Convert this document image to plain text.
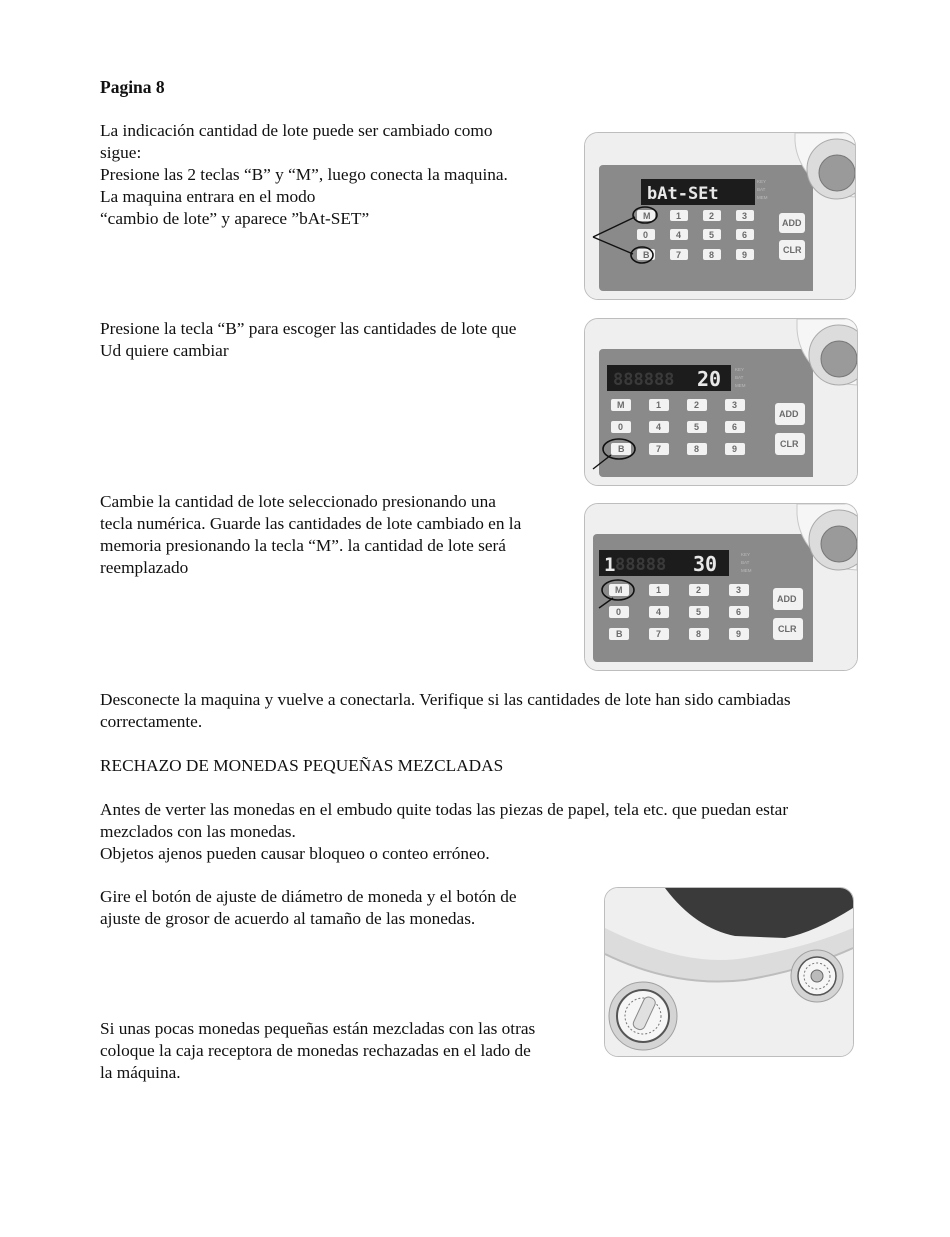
Pagina 8
La indicación cantidad de lote puede ser cambiado como
sigue:
Presione las 2 teclas “B” y “M”, luego conecta la maquina.
La maquina entrara en el modo
“cambio de lote” y aparece ”bAt-SET”
bAt-SEt
KEY
BAT
MEM
M	1	2	3
0	4	5	6
B	7	8	9
ADD
CLR
Presione la tecla “B” para escoger las cantidades de lote que
Ud quiere cambiar
888888 20	KEY
BAT
MEM
M	1	2	3
0	4	5	6
B	7	8	9
ADD
CLR
Cambie la cantidad de lote seleccionado presionando una
tecla numérica. Guarde las cantidades de lote cambiado en la
memoria presionando la tecla “M”. la cantidad de lote será
reemplazado	88888
1	30	KEY
BAT
MEM
M	1	2	3
0	4	5	6
B	7	8	9
ADD
CLR
Desconecte la maquina y vuelve a conectarla. Verifique si las cantidades de lote han sido cambiadas
correctamente.
RECHAZO DE MONEDAS PEQUEÑAS MEZCLADAS
Antes de verter las monedas en el embudo quite todas las piezas de papel, tela etc. que puedan estar
mezclados con las monedas.
Objetos ajenos pueden causar bloqueo o conteo erróneo.
Gire el botón de ajuste de diámetro de moneda y el botón de
ajuste de grosor de acuerdo al tamaño de las monedas.
Si unas pocas monedas pequeñas están mezcladas con las otras
coloque la caja receptora de monedas rechazadas en el lado de
la máquina.
